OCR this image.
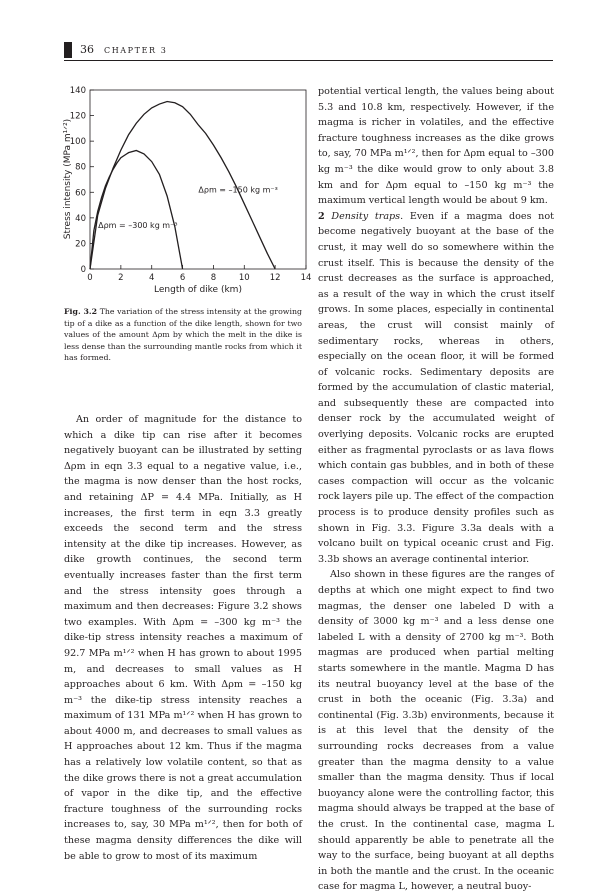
36 CHAPTER 3
0	2	4	6	8	10 12 14
0
20
40
60
80
100
120
140
Δρm = –150 kg m⁻³
Δρm = –300 kg m⁻³
Length of dike (km)
Stress intensity (MPa m¹ᐟ²)
Fig. 3.2 The variation of the stress intensity at the growing tip of a dike as a function of the dike length, shown for two values of the amount Δρm by which the melt in the dike is less dense than the surrounding mantle rocks from which it has formed.

An order of magnitude for the distance to which a dike tip can rise after it becomes negatively buoyant can be illustrated by setting Δρm in eqn 3.3 equal to a negative value, i.e., the magma is now denser than the host rocks, and retaining ΔP = 4.4 MPa. Initially, as H increases, the first term in eqn 3.3 greatly exceeds the second term and the stress intensity at the dike tip increases. However, as dike growth continues, the second term eventually increases faster than the first term and the stress intensity goes through a maximum and then decreases: Figure 3.2 shows two examples. With Δρm = –300 kg m⁻³ the dike-tip stress intensity reaches a maximum of 92.7 MPa m¹ᐟ² when H has grown to about 1995 m, and decreases to small values as H approaches about 6 km. With Δρm = –150 kg m⁻³ the dike-tip stress intensity reaches a maximum of 131 MPa m¹ᐟ² when H has grown to about 4000 m, and decreases to small values as H approaches about 12 km. Thus if the magma has a relatively low volatile content, so that as the dike grows there is not a great accumulation of vapor in the dike tip, and the effective fracture toughness of the surrounding rocks increases to, say, 30 MPa m¹ᐟ², then for both of these magma density differences the dike will be able to grow to most of its maximum

potential vertical length, the values being about 5.3 and 10.8 km, respectively. However, if the magma is richer in volatiles, and the effective fracture toughness increases as the dike grows to, say, 70 MPa m¹ᐟ², then for Δρm equal to –300 kg m⁻³ the dike would grow to only about 3.8 km and for Δρm equal to –150 kg m⁻³ the maximum vertical length would be about 9 km.

2 Density traps. Even if a magma does not become negatively buoyant at the base of the crust, it may well do so somewhere within the crust itself. This is because the density of the crust decreases as the surface is approached, as a result of the way in which the crust itself grows. In some places, especially in continental areas, the crust will consist mainly of sedimentary rocks, whereas in others, especially on the ocean floor, it will be formed of volcanic rocks. Sedimentary deposits are formed by the accumulation of clastic material, and subsequently these are compacted into denser rock by the accumulated weight of overlying deposits. Volcanic rocks are erupted either as fragmental pyroclasts or as lava flows which contain gas bubbles, and in both of these cases compaction will occur as the volcanic rock layers pile up. The effect of the compaction process is to produce density profiles such as shown in Fig. 3.3. Figure 3.3a deals with a volcano built on typical oceanic crust and Fig. 3.3b shows an average continental interior.

Also shown in these figures are the ranges of depths at which one might expect to find two magmas, the denser one labeled D with a density of 3000 kg m⁻³ and a less dense one labeled L with a density of 2700 kg m⁻³. Both magmas are produced when partial melting starts somewhere in the mantle. Magma D has its neutral buoyancy level at the base of the crust in both the oceanic (Fig. 3.3a) and continental (Fig. 3.3b) environments, because it is at this level that the density of the surrounding rocks decreases from a value greater than the magma density to a value smaller than the magma density. Thus if local buoyancy alone were the controlling factor, this magma should always be trapped at the base of the crust. In the continental case, magma L should apparently be able to penetrate all the way to the surface, being buoyant at all depths in both the mantle and the crust. In the oceanic case for magma L, however, a neutral buoy-
